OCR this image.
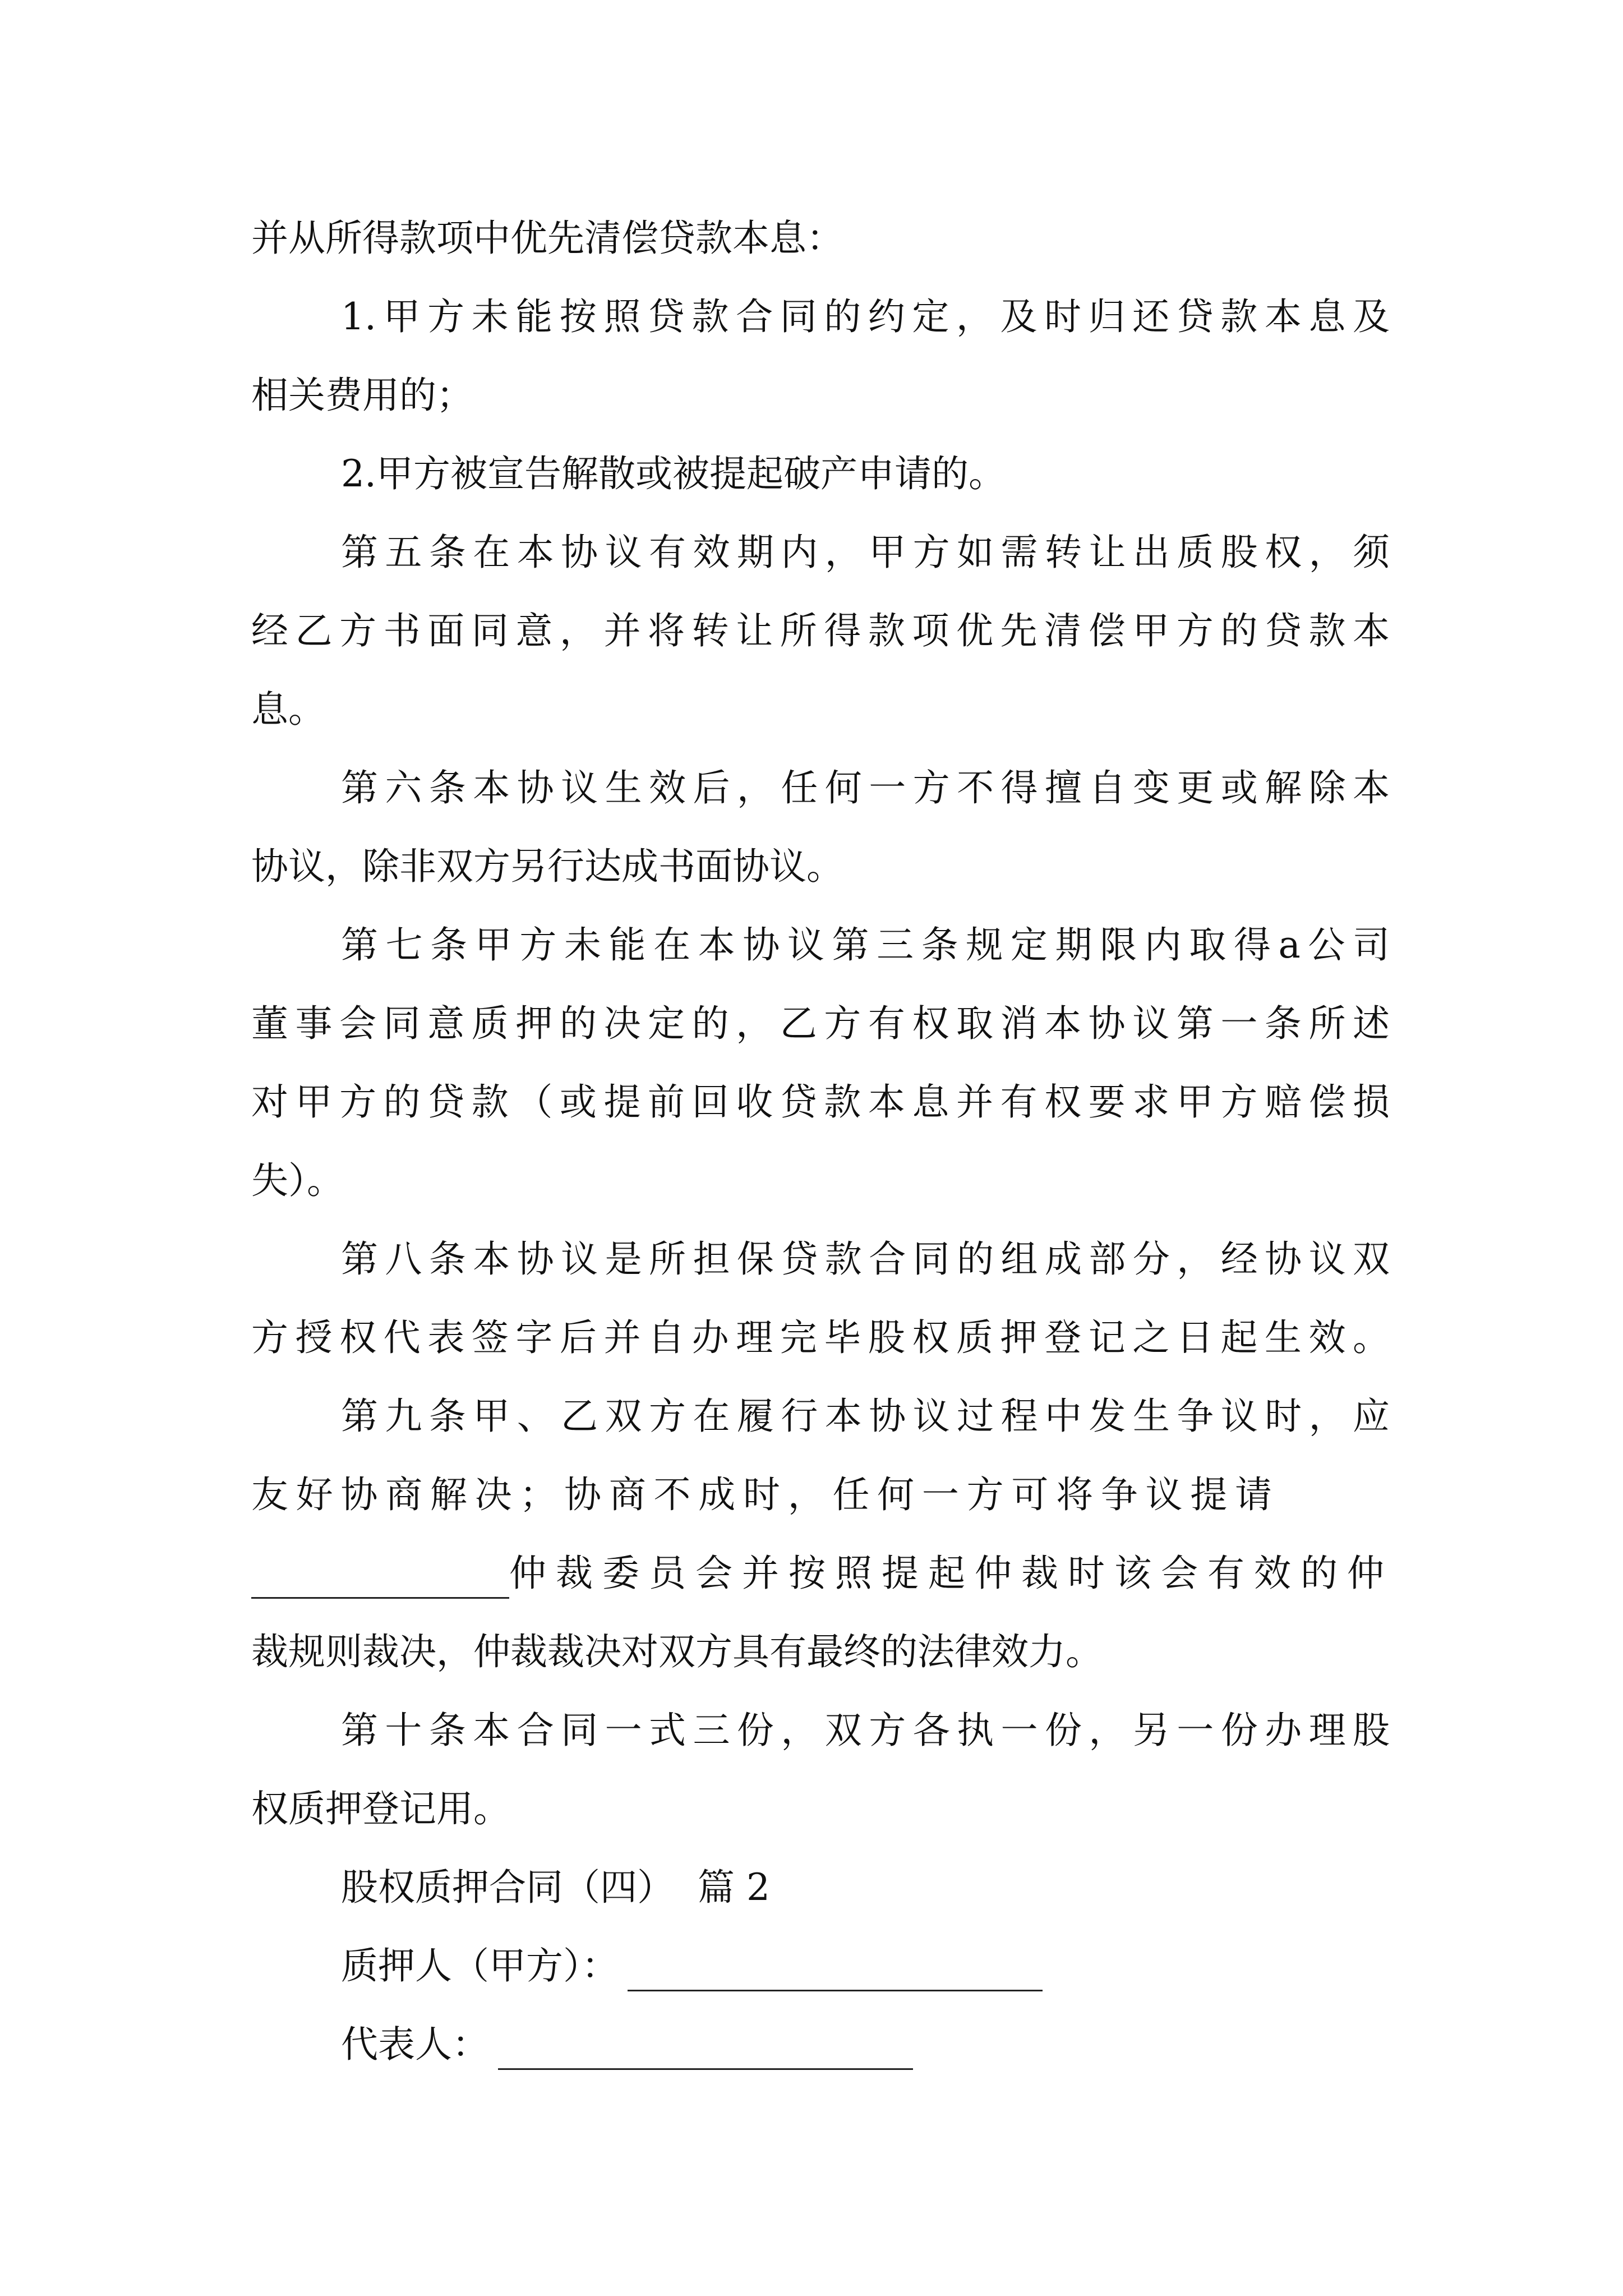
并从所得款项中优先清偿贷款本息：
1.甲方未能按照贷款合同的约定，及时归还贷款本息及
相关费用的；
2.甲方被宣告解散或被提起破产申请的。
第五条在本协议有效期内，甲方如需转让出质股权，须
经乙方书面同意，并将转让所得款项优先清偿甲方的贷款本
息。
第六条本协议生效后，任何一方不得擅自变更或解除本
协议，除非双方另行达成书面协议。
第七条甲方未能在本协议第三条规定期限内取得a公司
董事会同意质押的决定的，乙方有权取消本协议第一条所述
对甲方的贷款（或提前回收贷款本息并有权要求甲方赔偿损
失）。
第八条本协议是所担保贷款合同的组成部分，经协议双
方授权代表签字后并自办理完毕股权质押登记之日起生效。
第九条甲、乙双方在履行本协议过程中发生争议时，应
友好协商解决；协商不成时，任何一方可将争议提请
仲裁委员会并按照提起仲裁时该会有效的仲
裁规则裁决，仲裁裁决对双方具有最终的法律效力。
第十条本合同一式三份，双方各执一份，另一份办理股
权质押登记用。
股权质押合同（四）  篇 2
质押人（甲方）：
代表人：
